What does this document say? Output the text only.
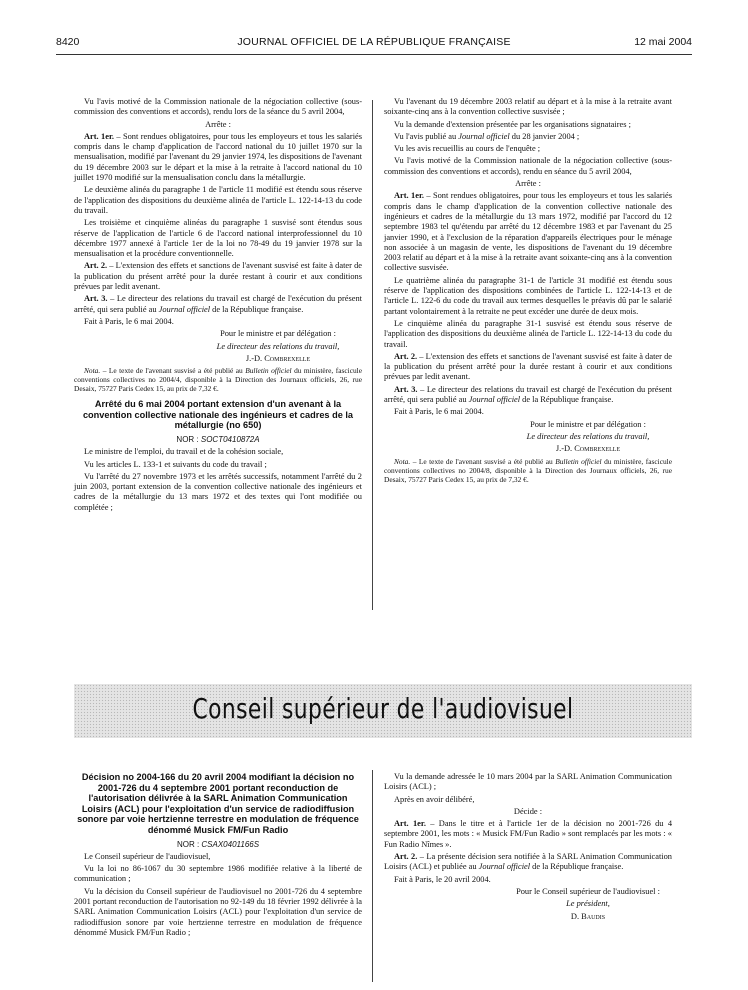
8420	JOURNAL OFFICIEL DE LA RÉPUBLIQUE FRANÇAISE	12 mai 2004

Vu l'avis motivé de la Commission nationale de la négociation collective (sous-commission des conventions et accords), rendu lors de la séance du 5 avril 2004,

Arrête :

Art. 1er. – Sont rendues obligatoires, pour tous les employeurs et tous les salariés compris dans le champ d'application de l'accord national du 10 juillet 1970 sur la mensualisation, modifié par l'avenant du 29 janvier 1974, les dispositions de l'avenant du 19 décembre 2003 sur le départ et la mise à la retraite à l'accord national du 10 juillet 1970 modifié sur la mensualisation conclu dans la métallurgie.

Le deuxième alinéa du paragraphe 1 de l'article 11 modifié est étendu sous réserve de l'application des dispositions du deuxième alinéa de l'article L. 122-14-13 du code du travail.

Les troisième et cinquième alinéas du paragraphe 1 susvisé sont étendus sous réserve de l'application de l'article 6 de l'accord national interprofessionnel du 10 décembre 1977 annexé à l'article 1er de la loi no 78-49 du 19 janvier 1978 sur la mensualisation et la procédure conventionnelle.

Art. 2. – L'extension des effets et sanctions de l'avenant susvisé est faite à dater de la publication du présent arrêté pour la durée restant à courir et aux conditions prévues par ledit avenant.

Art. 3. – Le directeur des relations du travail est chargé de l'exécution du présent arrêté, qui sera publié au Journal officiel de la République française.

Fait à Paris, le 6 mai 2004.

Pour le ministre et par délégation :

Le directeur des relations du travail,

J.-D. Combrexelle

Nota. – Le texte de l'avenant susvisé a été publié au Bulletin officiel du ministère, fascicule conventions collectives no 2004/4, disponible à la Direction des Journaux officiels, 26, rue Desaix, 75727 Paris Cedex 15, au prix de 7,32 €.

Arrêté du 6 mai 2004 portant extension d'un avenant à la convention collective nationale des ingénieurs et cadres de la métallurgie (no 650)

NOR : SOCT0410872A

Le ministre de l'emploi, du travail et de la cohésion sociale,

Vu les articles L. 133-1 et suivants du code du travail ;

Vu l'arrêté du 27 novembre 1973 et les arrêtés successifs, notamment l'arrêté du 2 juin 2003, portant extension de la convention collective nationale des ingénieurs et cadres de la métallurgie du 13 mars 1972 et des textes qui l'ont modifiée ou complétée ;

Vu l'avenant du 19 décembre 2003 relatif au départ et à la mise à la retraite avant soixante-cinq ans à la convention collective susvisée ;

Vu la demande d'extension présentée par les organisations signataires ;

Vu l'avis publié au Journal officiel du 28 janvier 2004 ;

Vu les avis recueillis au cours de l'enquête ;

Vu l'avis motivé de la Commission nationale de la négociation collective (sous-commission des conventions et accords), rendu en séance du 5 avril 2004,

Arrête :

Art. 1er. – Sont rendues obligatoires, pour tous les employeurs et tous les salariés compris dans le champ d'application de la convention collective nationale des ingénieurs et cadres de la métallurgie du 13 mars 1972, modifié par l'accord du 12 septembre 1983 tel qu'étendu par arrêté du 12 décembre 1983 et par l'avenant du 25 janvier 1990, et à l'exclusion de la réparation d'appareils électriques pour le ménage non associée à un magasin de vente, les dispositions de l'avenant du 19 décembre 2003 relatif au départ et à la mise à la retraite avant soixante-cinq ans à la convention collective susvisée.

Le quatrième alinéa du paragraphe 31-1 de l'article 31 modifié est étendu sous réserve de l'application des dispositions combinées de l'article L. 122-14-13 et de l'article L. 122-6 du code du travail aux termes desquelles le préavis dû par le salarié partant volontairement à la retraite ne peut excéder une durée de deux mois.

Le cinquième alinéa du paragraphe 31-1 susvisé est étendu sous réserve de l'application des dispositions du deuxième alinéa de l'article L. 122-14-13 du code du travail.

Art. 2. – L'extension des effets et sanctions de l'avenant susvisé est faite à dater de la publication du présent arrêté pour la durée restant à courir et aux conditions prévues par ledit avenant.

Art. 3. – Le directeur des relations du travail est chargé de l'exécution du présent arrêté, qui sera publié au Journal officiel de la République française.

Fait à Paris, le 6 mai 2004.

Pour le ministre et par délégation :

Le directeur des relations du travail,

J.-D. Combrexelle

Nota. – Le texte de l'avenant susvisé a été publié au Bulletin officiel du ministère, fascicule conventions collectives no 2004/8, disponible à la Direction des Journaux officiels, 26, rue Desaix, 75727 Paris Cedex 15, au prix de 7,32 €.

Conseil supérieur de l'audiovisuel

Décision no 2004-166 du 20 avril 2004 modifiant la décision no 2001-726 du 4 septembre 2001 portant reconduction de l'autorisation délivrée à la SARL Animation Communication Loisirs (ACL) pour l'exploitation d'un service de radiodiffusion sonore par voie hertzienne terrestre en modulation de fréquence dénommé Musick FM/Fun Radio

NOR : CSAX0401166S

Le Conseil supérieur de l'audiovisuel,

Vu la loi no 86-1067 du 30 septembre 1986 modifiée relative à la liberté de communication ;

Vu la décision du Conseil supérieur de l'audiovisuel no 2001-726 du 4 septembre 2001 portant reconduction de l'autorisation no 92-149 du 18 février 1992 délivrée à la SARL Animation Communication Loisirs (ACL) pour l'exploitation d'un service de radiodiffusion sonore par voie hertzienne terrestre en modulation de fréquence dénommé Musick FM/Fun Radio ;

Vu la demande adressée le 10 mars 2004 par la SARL Animation Communication Loisirs (ACL) ;

Après en avoir délibéré,

Décide :

Art. 1er. – Dans le titre et à l'article 1er de la décision no 2001-726 du 4 septembre 2001, les mots : « Musick FM/Fun Radio » sont remplacés par les mots : « Fun Radio Nîmes ».

Art. 2. – La présente décision sera notifiée à la SARL Animation Communication Loisirs (ACL) et publiée au Journal officiel de la République française.

Fait à Paris, le 20 avril 2004.

Pour le Conseil supérieur de l'audiovisuel :

Le président,

D. Baudis
